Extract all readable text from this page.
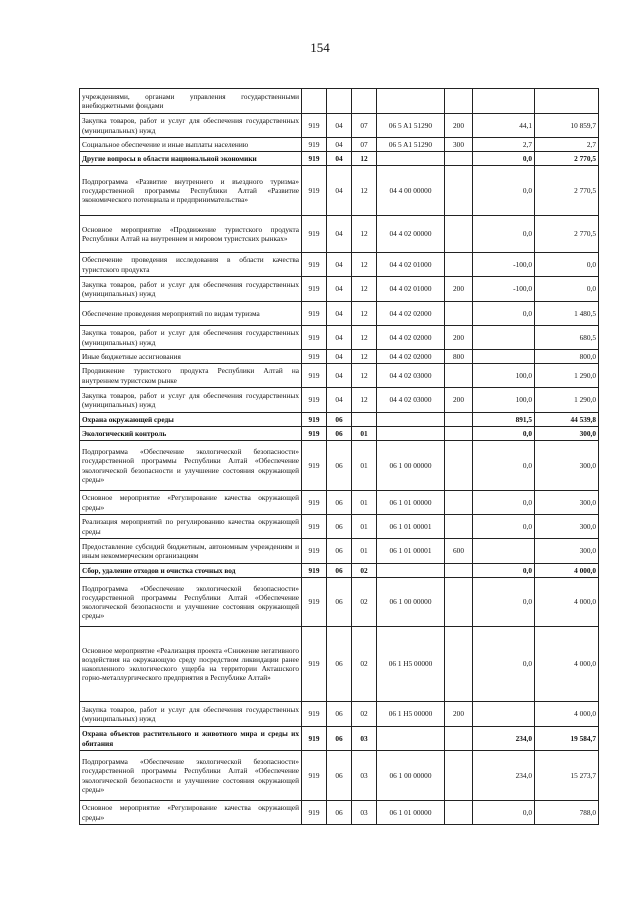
154
учреждениями, органами управления государственными внебюджетными фондами							
Закупка товаров, работ и услуг для обеспечения государственных (муниципальных) нужд	919	04	07	06 5 A1 51290	200	44,1	10 859,7
Социальное обеспечение и иные выплаты населению	919	04	07	06 5 A1 51290	300	2,7	2,7
Другие вопросы в области национальной экономики	919	04	12			0,0	2 770,5
Подпрограмма «Развитие внутреннего и въездного туризма» государственной программы Республики Алтай «Развитие экономического потенциала и предпринимательства»	919	04	12	04 4 00 00000		0,0	2 770,5
Основное мероприятие «Продвижение туристского продукта Республики Алтай на внутреннем и мировом туристских рынках»	919	04	12	04 4 02 00000		0,0	2 770,5
Обеспечение проведения исследования в области качества туристского продукта	919	04	12	04 4 02 01000		-100,0	0,0
Закупка товаров, работ и услуг для обеспечения государственных (муниципальных) нужд	919	04	12	04 4 02 01000	200	-100,0	0,0
Обеспечение проведения мероприятий по видам туризма	919	04	12	04 4 02 02000		0,0	1 480,5
Закупка товаров, работ и услуг для обеспечения государственных (муниципальных) нужд	919	04	12	04 4 02 02000	200		680,5
Иные бюджетные ассигнования	919	04	12	04 4 02 02000	800		800,0
Продвижение туристского продукта Республики Алтай на внутреннем туристском рынке	919	04	12	04 4 02 03000		100,0	1 290,0
Закупка товаров, работ и услуг для обеспечения государственных (муниципальных) нужд	919	04	12	04 4 02 03000	200	100,0	1 290,0
Охрана окружающей среды	919	06				891,5	44 539,8
Экологический контроль	919	06	01			0,0	300,0
Подпрограмма «Обеспечение экологической безопасности» государственной программы Республики Алтай «Обеспечение экологической безопасности и улучшение состояния окружающей среды»	919	06	01	06 1 00 00000		0,0	300,0
Основное мероприятие «Регулирование качества окружающей среды»	919	06	01	06 1 01 00000		0,0	300,0
Реализация мероприятий по регулированию качества окружающей среды	919	06	01	06 1 01 00001		0,0	300,0
Предоставление субсидий бюджетным, автономным учреждениям и иным некоммерческим организациям	919	06	01	06 1 01 00001	600		300,0
Сбор, удаление отходов и очистка сточных вод	919	06	02			0,0	4 000,0
Подпрограмма «Обеспечение экологической безопасности» государственной программы Республики Алтай «Обеспечение экологической безопасности и улучшение состояния окружающей среды»	919	06	02	06 1 00 00000		0,0	4 000,0
Основное мероприятие «Реализация проекта «Снижение негативного воздействия на окружающую среду посредством ликвидации ранее накопленного экологического ущерба на территории Акташского горно-металлургического предприятия в Республике Алтай»	919	06	02	06 1 Н5 00000		0,0	4 000,0
Закупка товаров, работ и услуг для обеспечения государственных (муниципальных) нужд	919	06	02	06 1 Н5 00000	200		4 000,0
Охрана объектов растительного и животного мира и среды их обитания	919	06	03			234,0	19 584,7
Подпрограмма «Обеспечение экологической безопасности» государственной программы Республики Алтай «Обеспечение экологической безопасности и улучшение состояния окружающей среды»	919	06	03	06 1 00 00000		234,0	15 273,7
Основное мероприятие «Регулирование качества окружающей среды»	919	06	03	06 1 01 00000		0,0	788,0
